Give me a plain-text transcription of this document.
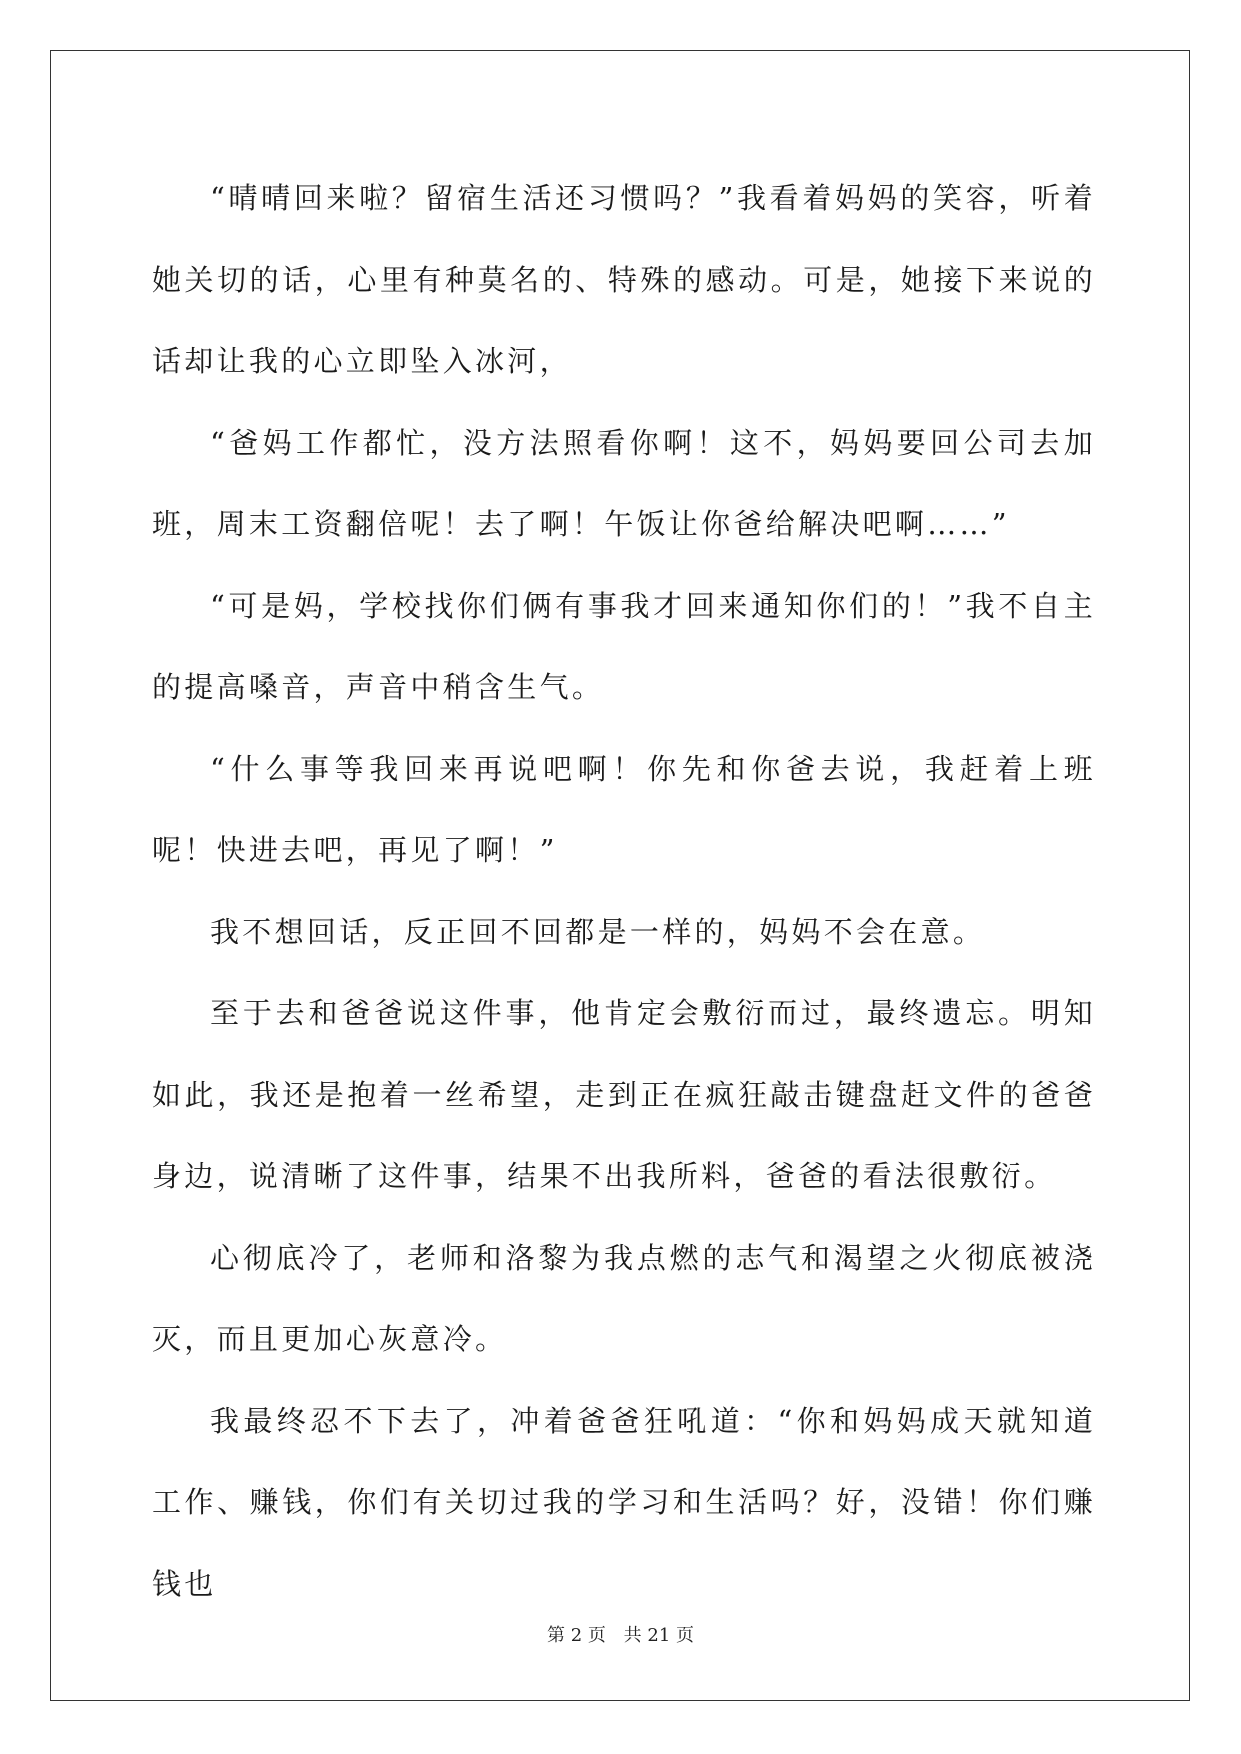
“晴晴回来啦？留宿生活还习惯吗？”我看着妈妈的笑容，听着她关切的话，心里有种莫名的、特殊的感动。可是，她接下来说的话却让我的心立即坠入冰河，

“爸妈工作都忙，没方法照看你啊！这不，妈妈要回公司去加班，周末工资翻倍呢！去了啊！午饭让你爸给解决吧啊……”

“可是妈，学校找你们俩有事我才回来通知你们的！”我不自主的提高嗓音，声音中稍含生气。

“什么事等我回来再说吧啊！你先和你爸去说，我赶着上班呢！快进去吧，再见了啊！”

我不想回话，反正回不回都是一样的，妈妈不会在意。

至于去和爸爸说这件事，他肯定会敷衍而过，最终遗忘。明知如此，我还是抱着一丝希望，走到正在疯狂敲击键盘赶文件的爸爸身边，说清晰了这件事，结果不出我所料，爸爸的看法很敷衍。

心彻底冷了，老师和洛黎为我点燃的志气和渴望之火彻底被浇灭，而且更加心灰意冷。

我最终忍不下去了，冲着爸爸狂吼道：“你和妈妈成天就知道工作、赚钱，你们有关切过我的学习和生活吗？好，没错！你们赚钱也

第 2 页 共 21 页
